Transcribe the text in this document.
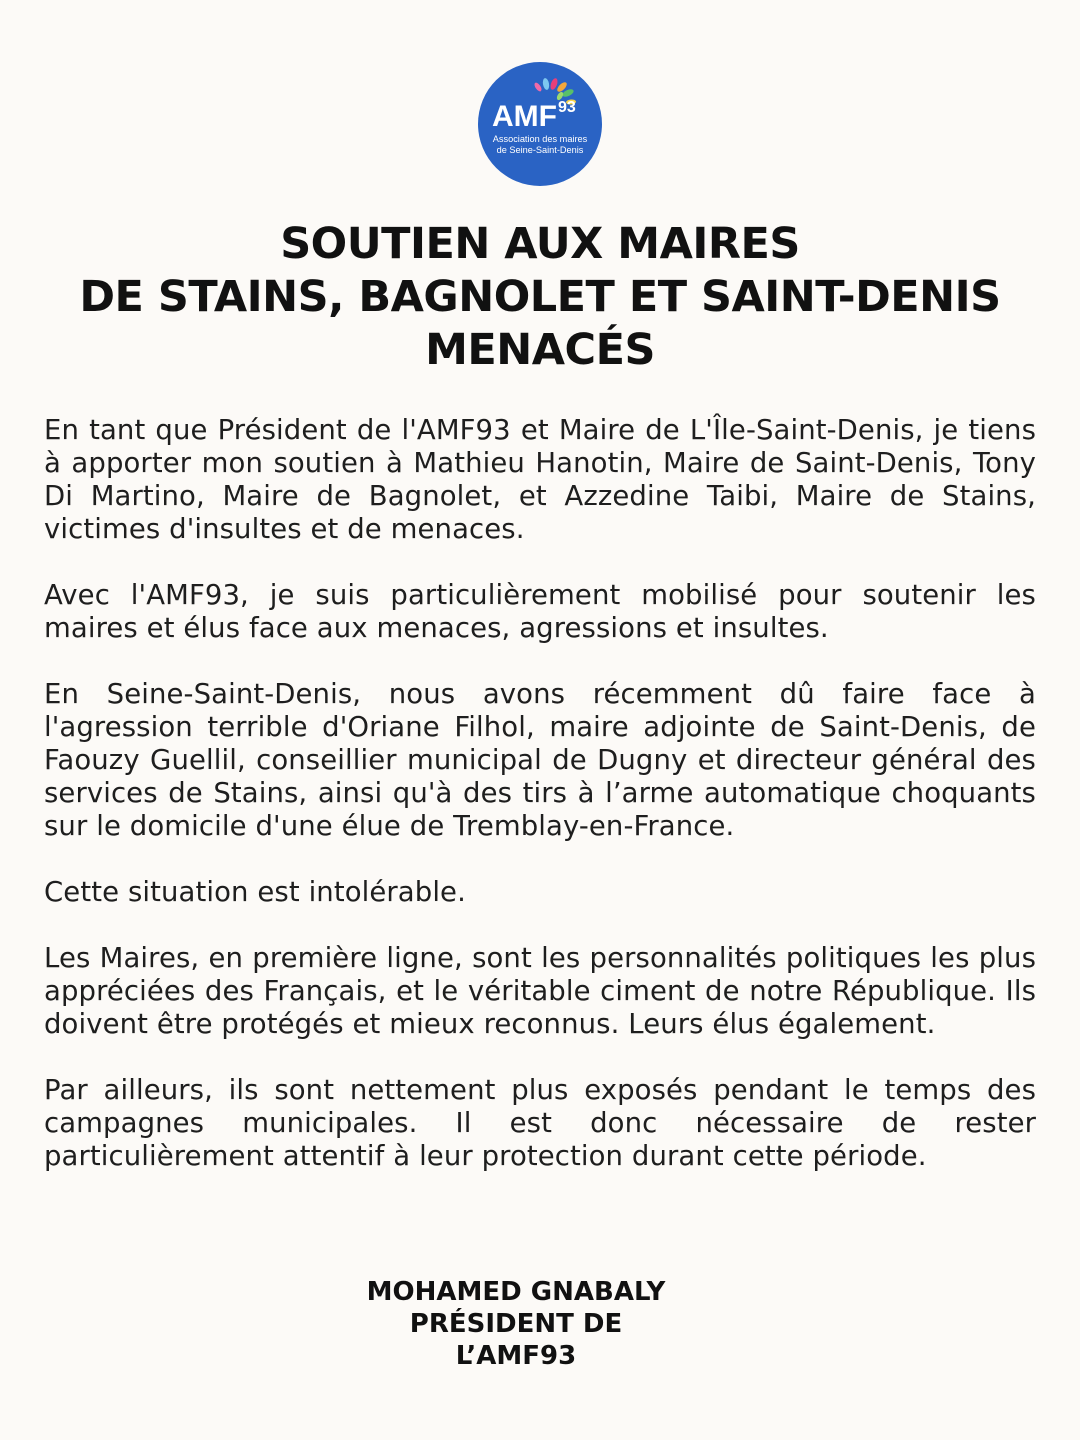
AMF 93
Association des maires
de Seine-Saint-Denis
SOUTIEN AUX MAIRES
DE STAINS, BAGNOLET ET SAINT-DENIS
MENACÉS

En tant que Président de l'AMF93 et Maire de L'Île-Saint-Denis, je tiens à apporter mon soutien à Mathieu Hanotin, Maire de Saint-Denis, Tony Di Martino, Maire de Bagnolet, et Azzedine Taibi, Maire de Stains, victimes d'insultes et de menaces.

Avec l'AMF93, je suis particulièrement mobilisé pour soutenir les maires et élus face aux menaces, agressions et insultes.

En Seine-Saint-Denis, nous avons récemment dû faire face à l'agression terrible d'Oriane Filhol, maire adjointe de Saint-Denis, de Faouzy Guellil, conseillier municipal de Dugny et directeur général des services de Stains, ainsi qu'à des tirs à l’arme automatique choquants sur le domicile d'une élue de Tremblay-en-France.

Cette situation est intolérable.

Les Maires, en première ligne, sont les personnalités politiques les plus appréciées des Français, et le véritable ciment de notre République. Ils doivent être protégés et mieux reconnus. Leurs élus également.

Par ailleurs, ils sont nettement plus exposés pendant le temps des campagnes municipales. Il est donc nécessaire de rester particulièrement attentif à leur protection durant cette période.

MOHAMED GNABALY
PRÉSIDENT DE
L’AMF93
